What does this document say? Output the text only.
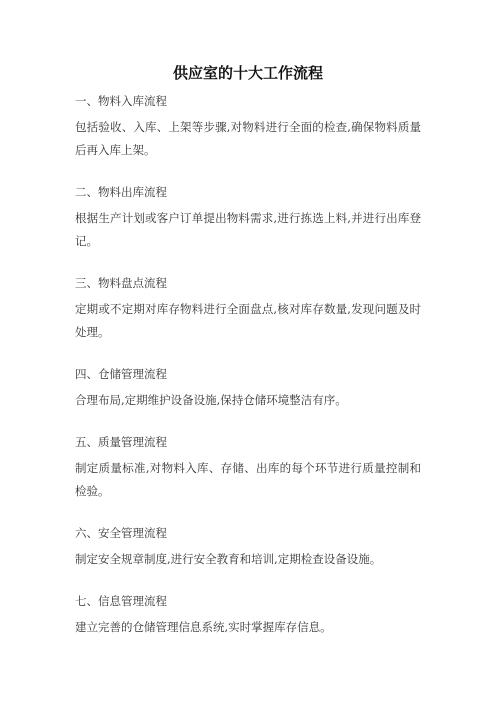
供应室的十大工作流程

一、物料入库流程

包括验收、入库、上架等步骤,对物料进行全面的检查,确保物料质量后再入库上架。

二、物料出库流程

根据生产计划或客户订单提出物料需求,进行拣选上料,并进行出库登记。

三、物料盘点流程

定期或不定期对库存物料进行全面盘点,核对库存数量,发现问题及时处理。

四、仓储管理流程

合理布局,定期维护设备设施,保持仓储环境整洁有序。

五、质量管理流程

制定质量标准,对物料入库、存储、出库的每个环节进行质量控制和检验。

六、安全管理流程

制定安全规章制度,进行安全教育和培训,定期检查设备设施。

七、信息管理流程

建立完善的仓储管理信息系统,实时掌握库存信息。
